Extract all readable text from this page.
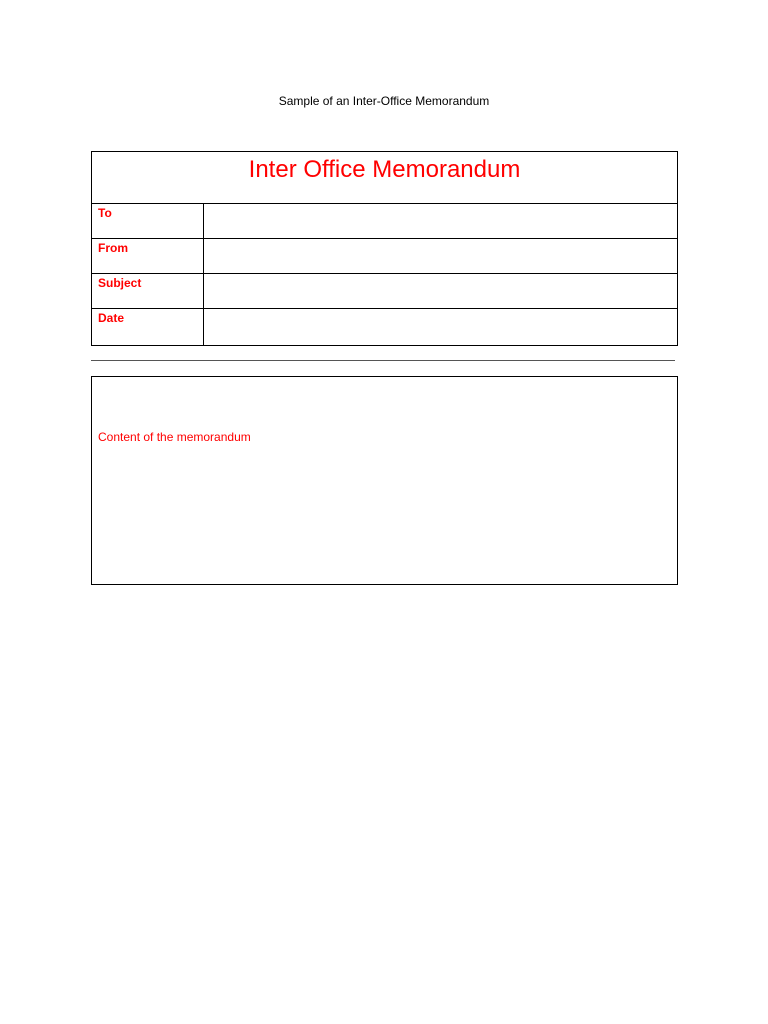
Sample of an Inter-Office Memorandum
Inter Office Memorandum
To
From
Subject
Date
Content of the memorandum
